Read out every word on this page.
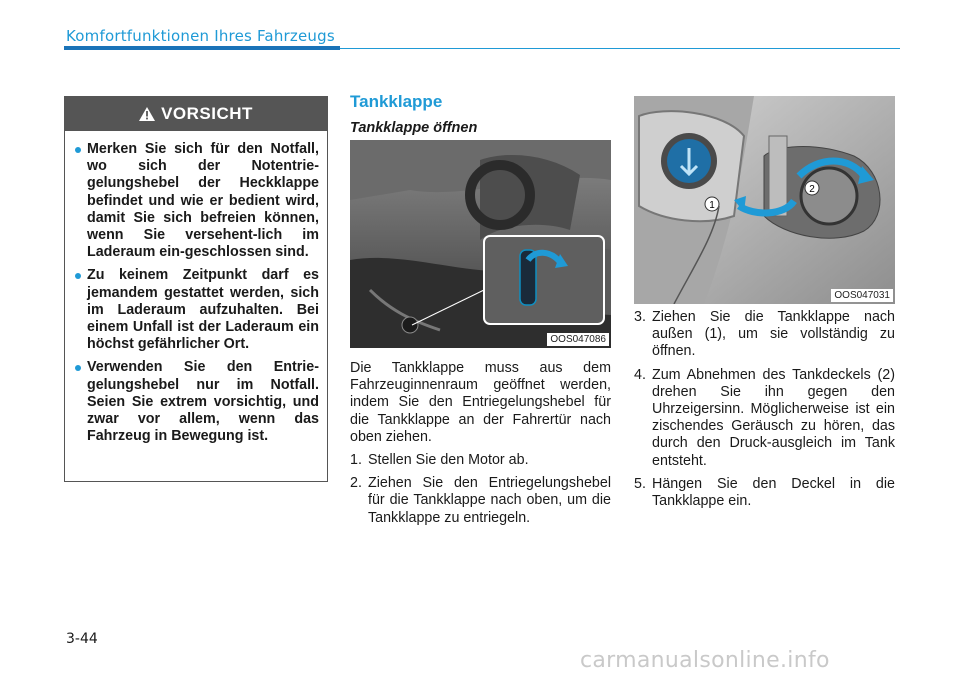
Komfortfunktionen Ihres Fahrzeugs
VORSICHT
Merken Sie sich für den Notfall, wo sich der Notentrie-gelungshebel der Heckklappe befindet und wie er bedient wird, damit Sie sich befreien können, wenn Sie versehent-lich im Laderaum ein-geschlossen sind.
Zu keinem Zeitpunkt darf es jemandem gestattet werden, sich im Laderaum aufzuhalten. Bei einem Unfall ist der Laderaum ein höchst gefährlicher Ort.
Verwenden Sie den Entrie-gelungshebel nur im Notfall. Seien Sie extrem vorsichtig, und zwar vor allem, wenn das Fahrzeug in Bewegung ist.
Tankklappe
Tankklappe öffnen
OOS047086

Die Tankklappe muss aus dem Fahrzeuginnenraum geöffnet werden, indem Sie den Entriegelungshebel für die Tankklappe an der Fahrertür nach oben ziehen.

1. Stellen Sie den Motor ab.
2. Ziehen Sie den Entriegelungshebel für die Tankklappe nach oben, um die Tankklappe zu entriegeln.
1
2
OOS047031
3. Ziehen Sie die Tankklappe nach außen (1), um sie vollständig zu öffnen.
4. Zum Abnehmen des Tankdeckels (2) drehen Sie ihn gegen den Uhrzeigersinn. Möglicherweise ist ein zischendes Geräusch zu hören, das durch den Druck-ausgleich im Tank entsteht.
5. Hängen Sie den Deckel in die Tankklappe ein.
3-44
carmanualsonline.info
